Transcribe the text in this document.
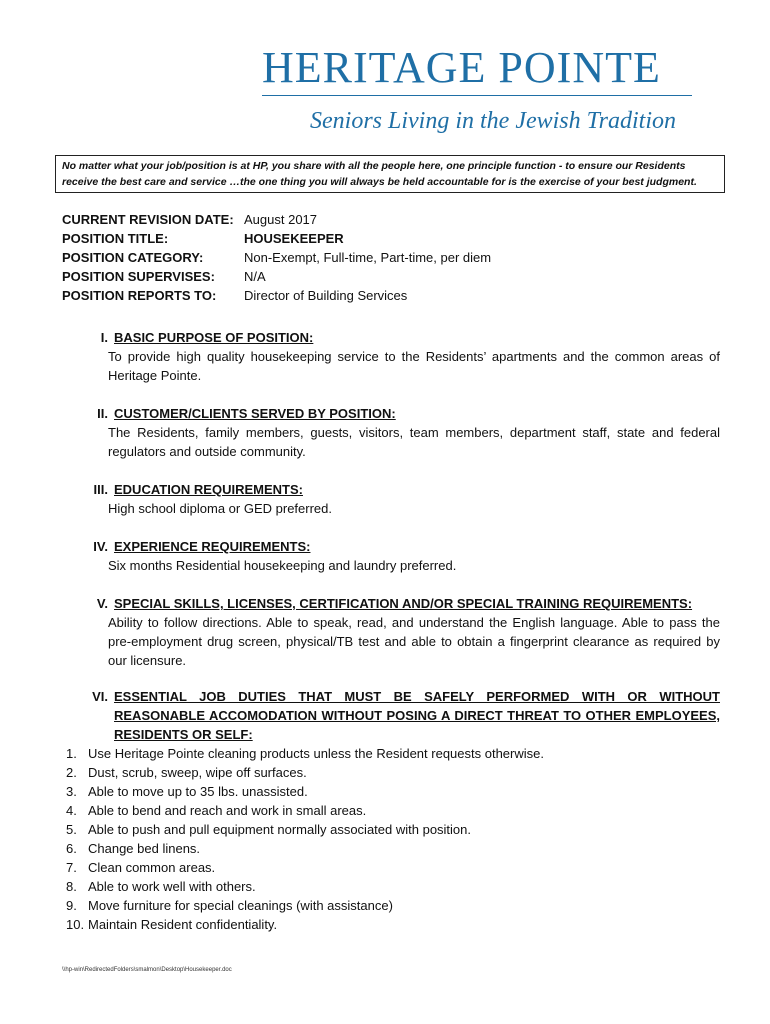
HERITAGE POINTE
Seniors Living in the Jewish Tradition
No matter what your job/position is at HP, you share with all the people here, one principle function - to ensure our Residents receive the best care and service …the one thing you will always be held accountable for is the exercise of your best judgment.
CURRENT REVISION DATE: August 2017
POSITION TITLE:	HOUSEKEEPER
POSITION CATEGORY:	Non-Exempt, Full-time, Part-time, per diem
POSITION SUPERVISES:	N/A
POSITION REPORTS TO:	Director of Building Services
I. BASIC PURPOSE OF POSITION:
To provide high quality housekeeping service to the Residents’ apartments and the common areas of Heritage Pointe.
II. CUSTOMER/CLIENTS SERVED BY POSITION:
The Residents, family members, guests, visitors, team members, department staff, state and federal regulators and outside community.
III. EDUCATION REQUIREMENTS:
High school diploma or GED preferred.
IV. EXPERIENCE REQUIREMENTS:
Six months Residential housekeeping and laundry preferred.
V. SPECIAL SKILLS, LICENSES, CERTIFICATION AND/OR SPECIAL TRAINING REQUIREMENTS:
Ability to follow directions. Able to speak, read, and understand the English language. Able to pass the pre-employment drug screen, physical/TB test and able to obtain a fingerprint clearance as required by our licensure.
VI. ESSENTIAL JOB DUTIES THAT MUST BE SAFELY PERFORMED WITH OR WITHOUT REASONABLE ACCOMODATION WITHOUT POSING A DIRECT THREAT TO OTHER EMPLOYEES, RESIDENTS OR SELF:
1. Use Heritage Pointe cleaning products unless the Resident requests otherwise.
2. Dust, scrub, sweep, wipe off surfaces.
3. Able to move up to 35 lbs. unassisted.
4. Able to bend and reach and work in small areas.
5. Able to push and pull equipment normally associated with position.
6. Change bed linens.
7. Clean common areas.
8. Able to work well with others.
9. Move furniture for special cleanings (with assistance)
10. Maintain Resident confidentiality.
\\hp-win\RedirectedFolders\smalmon\Desktop\Housekeeper.doc
